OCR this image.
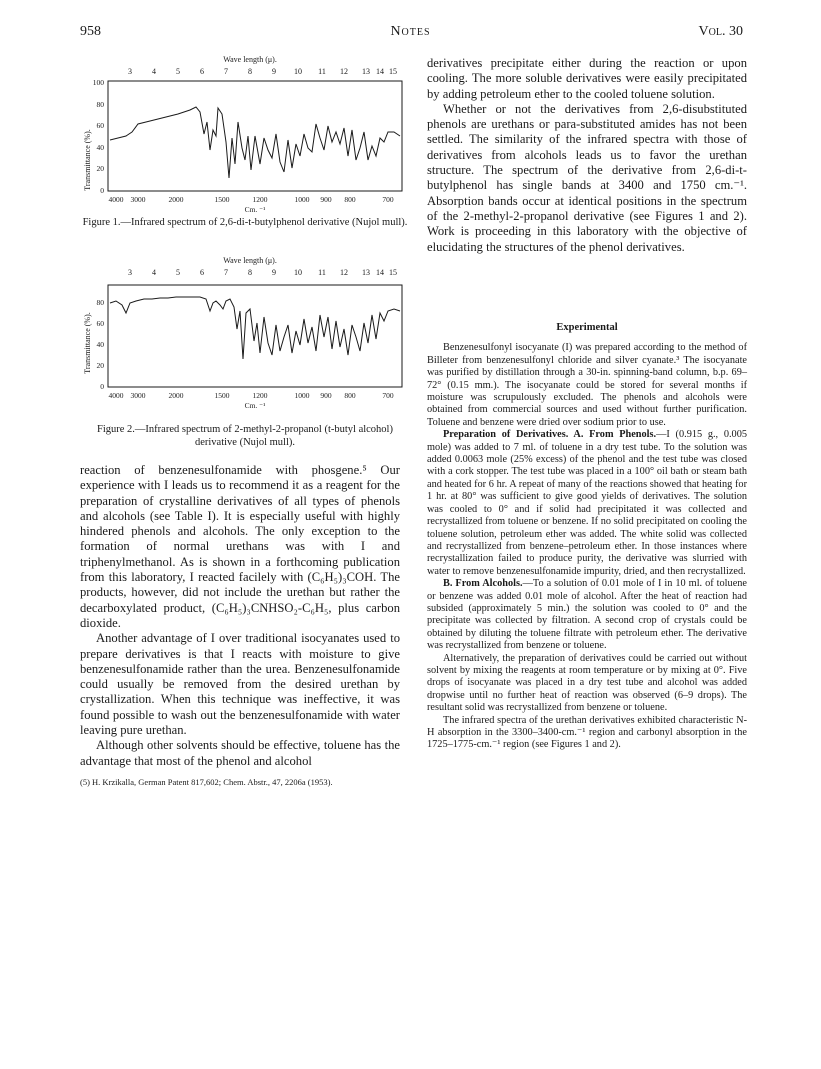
958	Notes	Vol. 30
Wave length (μ).
3	4	5	6	7	8	9 10 11 12 13 14 15
Transmittance (%).
100
80
60
40
20
0
4000 3000	2000	1500	1200	1000 900 800	700
Cm. ⁻¹
Figure 1.—Infrared spectrum of 2,6-di-t-butylphenol derivative (Nujol mull).
Wave length (μ).
3	4	5	6	7	8	9 10 11 12 13 14 15
Transmittance (%).
80
60
40
20
0
4000 3000	2000	1500	1200	1000 900 800	700
Cm. ⁻¹
Figure 2.—Infrared spectrum of 2-methyl-2-propanol (t-butyl alcohol) derivative (Nujol mull).

reaction of benzenesulfonamide with phosgene.⁵ Our experience with I leads us to recommend it as a reagent for the preparation of crystalline derivatives of all types of phenols and alcohols (see Table I). It is especially useful with highly hindered phenols and alcohols. The only exception to the formation of normal urethans was with I and triphenylmethanol. As is shown in a forthcoming publication from this laboratory, I reacted facilely with (C₆H₅)₃COH. The products, however, did not include the urethan but rather the decarboxylated product, (C₆H₅)₃CNHSO₂-C₆H₅, plus carbon dioxide.

Another advantage of I over traditional isocyanates used to prepare derivatives is that I reacts with moisture to give benzenesulfonamide rather than the urea. Benzenesulfonamide could usually be removed from the desired urethan by crystallization. When this technique was ineffective, it was found possible to wash out the benzenesulfonamide with water leaving pure urethan.

Although other solvents should be effective, toluene has the advantage that most of the phenol and alcohol

(5) H. Krzikalla, German Patent 817,602; Chem. Abstr., 47, 2206a (1953).

derivatives precipitate either during the reaction or upon cooling. The more soluble derivatives were easily precipitated by adding petroleum ether to the cooled toluene solution.

Whether or not the derivatives from 2,6-disubstituted phenols are urethans or para-substituted amides has not been settled. The similarity of the infrared spectra with those of derivatives from alcohols leads us to favor the urethan structure. The spectrum of the derivative from 2,6-di-t-butylphenol has single bands at 3400 and 1750 cm.⁻¹. Absorption bands occur at identical positions in the spectrum of the 2-methyl-2-propanol derivative (see Figures 1 and 2). Work is proceeding in this laboratory with the objective of elucidating the structures of the phenol derivatives.

Experimental

Benzenesulfonyl isocyanate (I) was prepared according to the method of Billeter from benzenesulfonyl chloride and silver cyanate.³ The isocyanate was purified by distillation through a 30-in. spinning-band column, b.p. 69–72° (0.15 mm.). The isocyanate could be stored for several months if moisture was scrupulously excluded. The phenols and alcohols were obtained from commercial sources and used without further purification. Toluene and benzene were dried over sodium prior to use.

Preparation of Derivatives. A. From Phenols.—I (0.915 g., 0.005 mole) was added to 7 ml. of toluene in a dry test tube. To the solution was added 0.0063 mole (25% excess) of the phenol and the test tube was closed with a cork stopper. The test tube was placed in a 100° oil bath or steam bath and heated for 6 hr. A repeat of many of the reactions showed that heating for 1 hr. at 80° was sufficient to give good yields of derivatives. The solution was cooled to 0° and if solid had precipitated it was collected and recrystallized from toluene or benzene. If no solid precipitated on cooling the toluene solution, petroleum ether was added. The white solid was collected and recrystallized from benzene–petroleum ether. In those instances where recrystallization failed to produce purity, the derivative was slurried with water to remove benzenesulfonamide impurity, dried, and then recrystallized.

B. From Alcohols.—To a solution of 0.01 mole of I in 10 ml. of toluene or benzene was added 0.01 mole of alcohol. After the heat of reaction had subsided (approximately 5 min.) the solution was cooled to 0° and the precipitate was collected by filtration. A second crop of crystals could be obtained by diluting the toluene filtrate with petroleum ether. The derivative was recrystallized from benzene or toluene.

Alternatively, the preparation of derivatives could be carried out without solvent by mixing the reagents at room temperature or by mixing at 0°. Five drops of isocyanate was placed in a dry test tube and alcohol was added dropwise until no further heat of reaction was observed (6–9 drops). The resultant solid was recrystallized from benzene or toluene.

The infrared spectra of the urethan derivatives exhibited characteristic N-H absorption in the 3300–3400-cm.⁻¹ region and carbonyl absorption in the 1725–1775-cm.⁻¹ region (see Figures 1 and 2).
